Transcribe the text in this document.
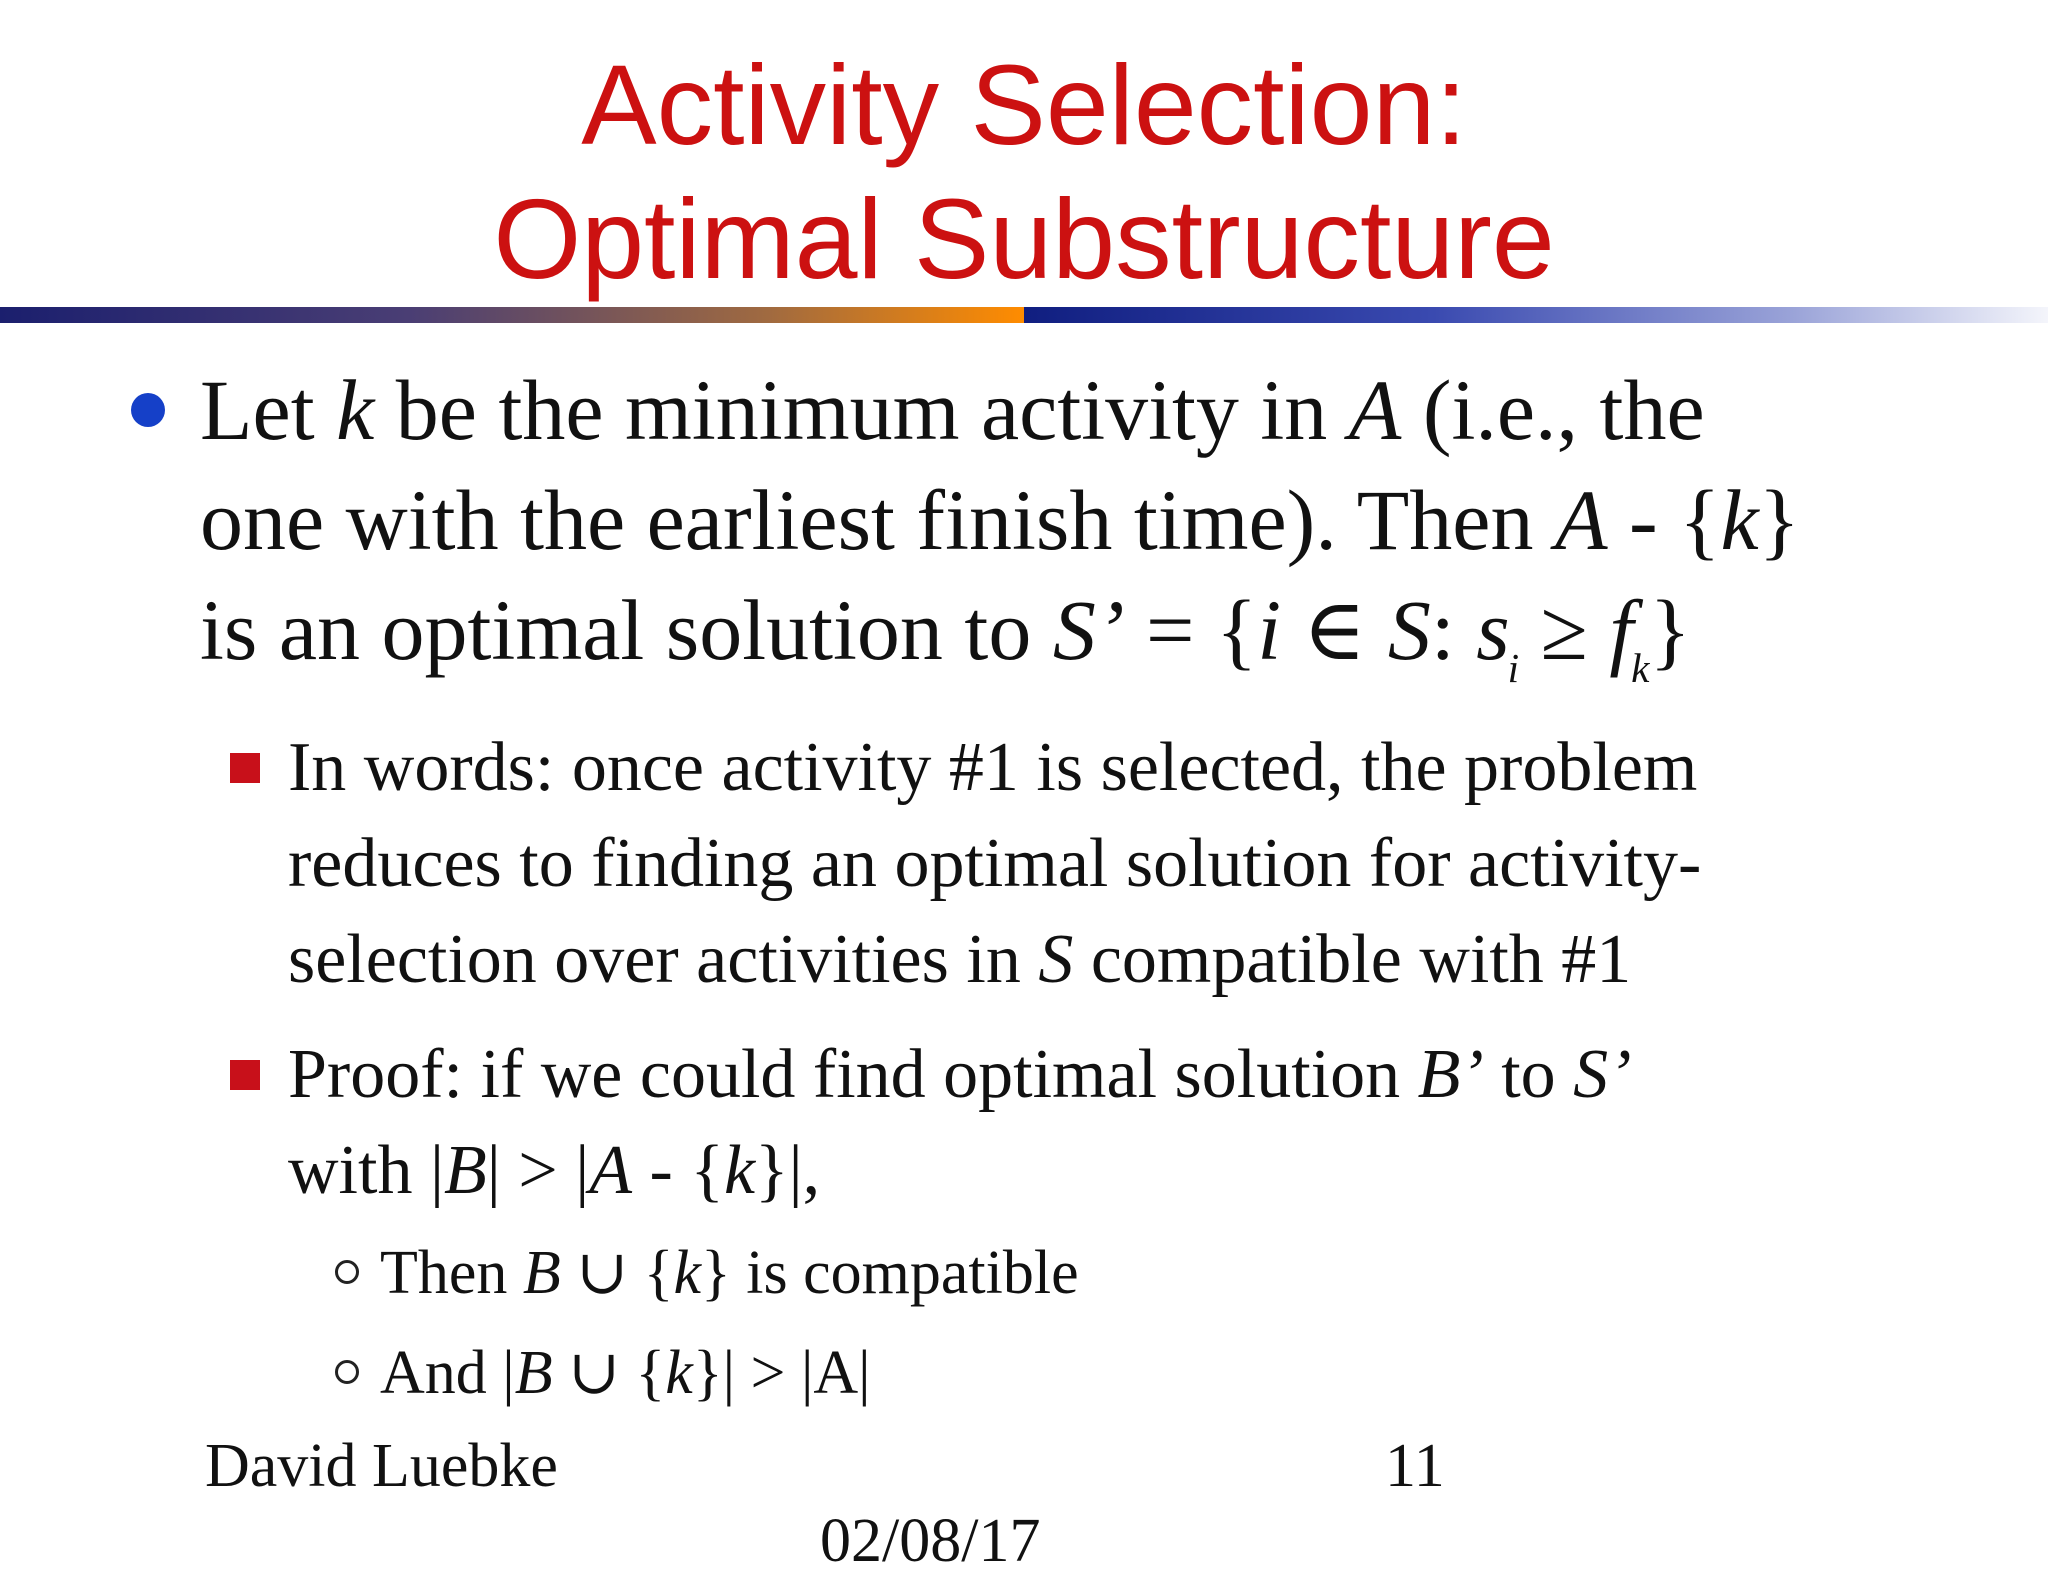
Activity Selection:
Optimal Substructure
Let k be the minimum activity in A (i.e., the
one with the earliest finish time). Then A - {k}
is an optimal solution to S’ = {i ∈ S: $s_i \ge f_k$}
In words: once activity #1 is selected, the problem
reduces to finding an optimal solution for activity-
selection over activities in S compatible with #1
Proof: if we could find optimal solution B’ to S’
with |B| > |A - {k}|,
Then B ∪ {k} is compatible
And |B ∪ {k}| > |A|
David Luebke	11
02/08/17
